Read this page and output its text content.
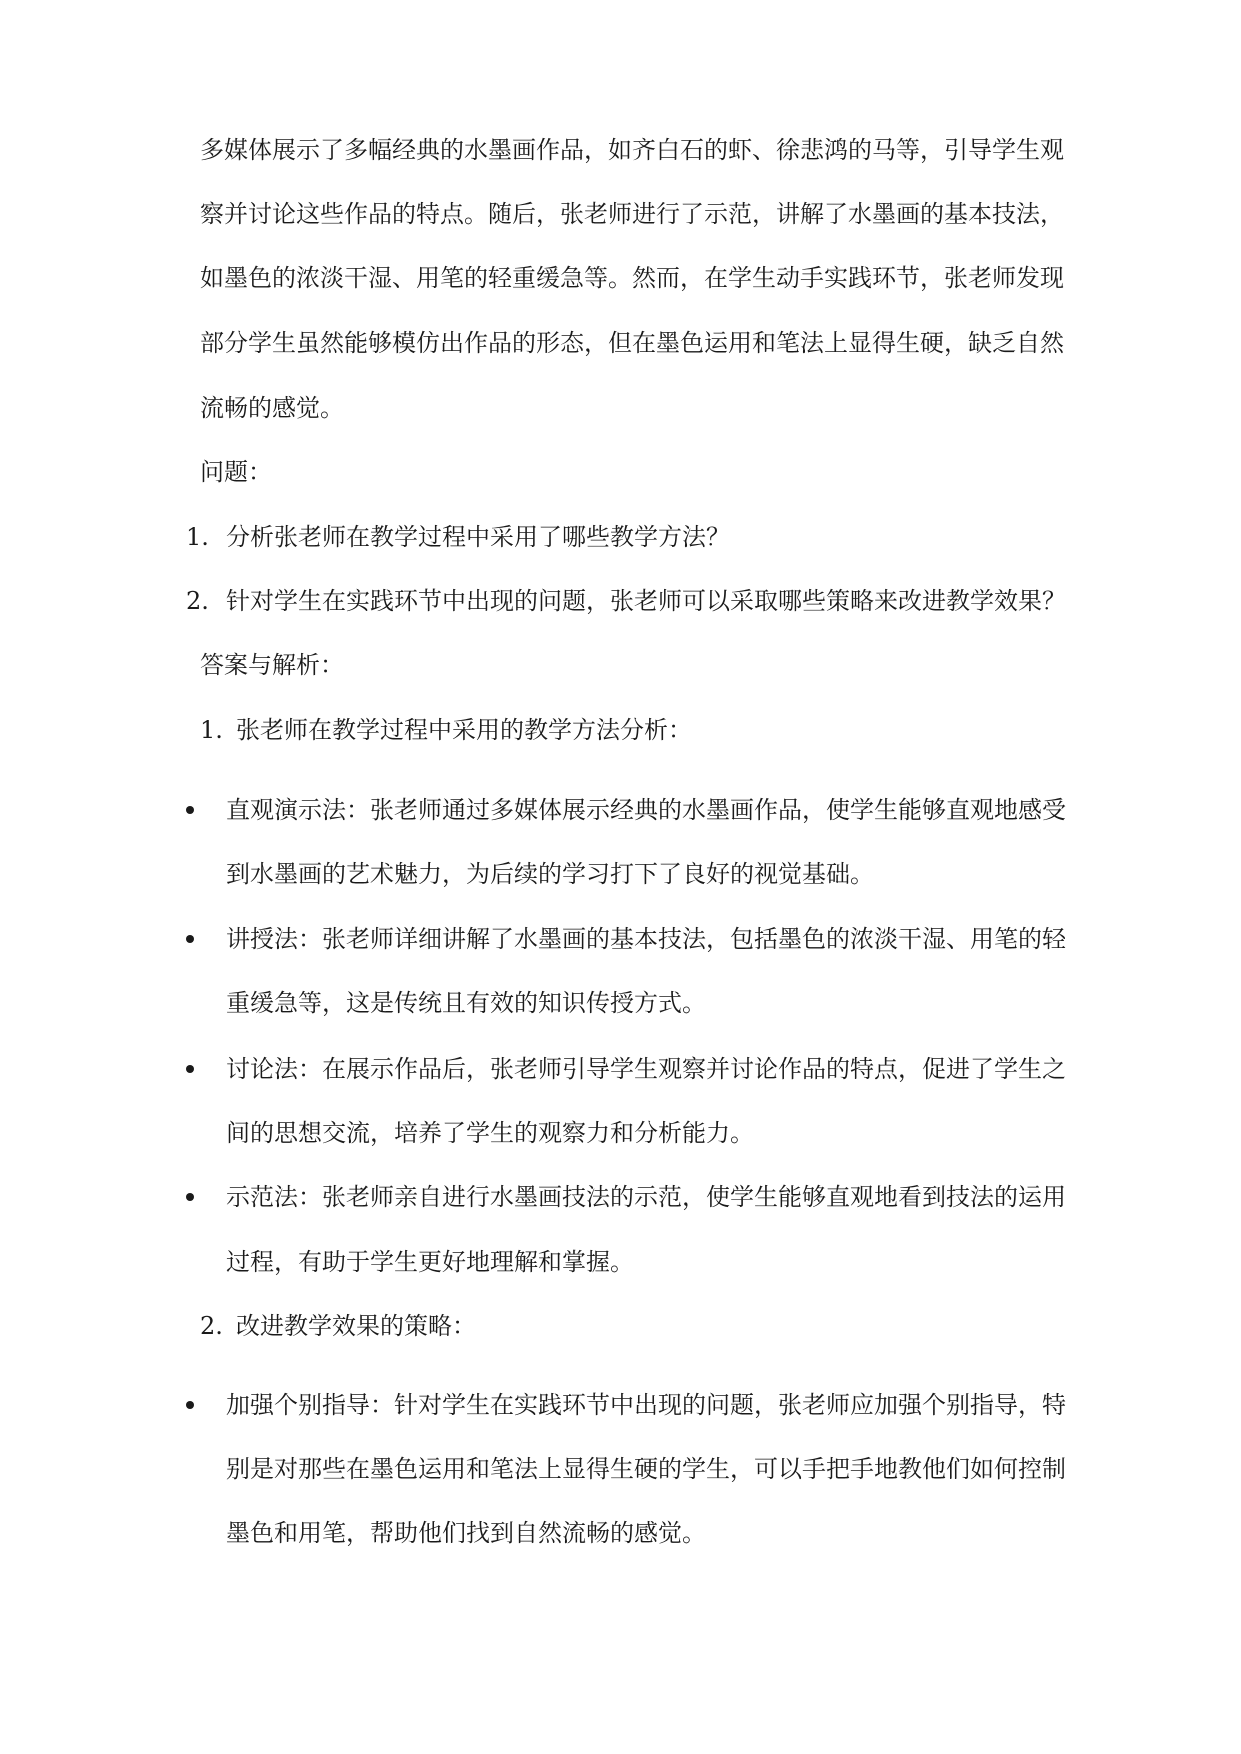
多媒体展示了多幅经典的水墨画作品，如齐白石的虾、徐悲鸿的马等，引导学生观
察并讨论这些作品的特点。随后，张老师进行了示范，讲解了水墨画的基本技法，
如墨色的浓淡干湿、用笔的轻重缓急等。然而，在学生动手实践环节，张老师发现
部分学生虽然能够模仿出作品的形态，但在墨色运用和笔法上显得生硬，缺乏自然
流畅的感觉。
问题：
1. 分析张老师在教学过程中采用了哪些教学方法？
2. 针对学生在实践环节中出现的问题，张老师可以采取哪些策略来改进教学效果？
答案与解析：
1. 张老师在教学过程中采用的教学方法分析：
直观演示法：张老师通过多媒体展示经典的水墨画作品，使学生能够直观地感受
到水墨画的艺术魅力，为后续的学习打下了良好的视觉基础。
讲授法：张老师详细讲解了水墨画的基本技法，包括墨色的浓淡干湿、用笔的轻
重缓急等，这是传统且有效的知识传授方式。
讨论法：在展示作品后，张老师引导学生观察并讨论作品的特点，促进了学生之
间的思想交流，培养了学生的观察力和分析能力。
示范法：张老师亲自进行水墨画技法的示范，使学生能够直观地看到技法的运用
过程，有助于学生更好地理解和掌握。
2. 改进教学效果的策略：
加强个别指导：针对学生在实践环节中出现的问题，张老师应加强个别指导，特
别是对那些在墨色运用和笔法上显得生硬的学生，可以手把手地教他们如何控制
墨色和用笔，帮助他们找到自然流畅的感觉。
